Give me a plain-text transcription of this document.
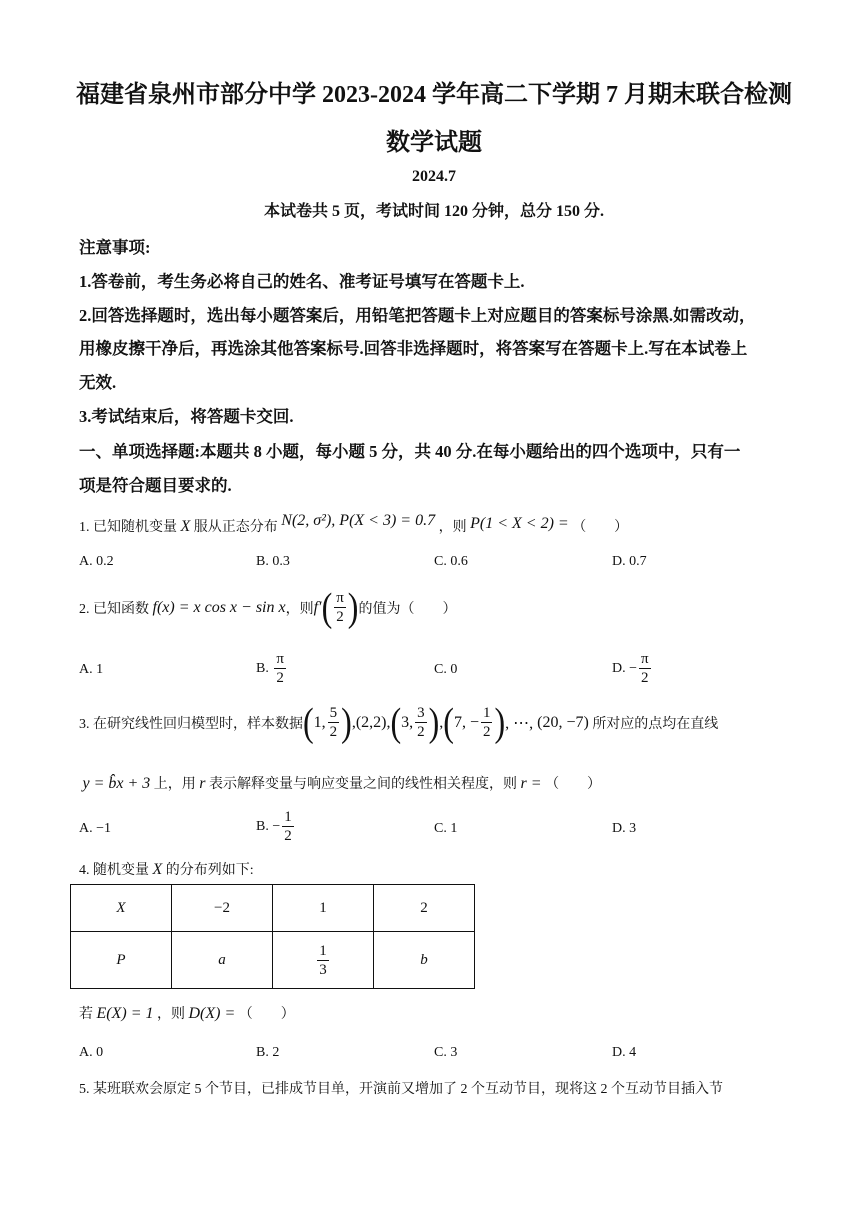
福建省泉州市部分中学 2023-2024 学年高二下学期 7 月期末联合检测
数学试题
2024.7
本试卷共 5 页，考试时间 120 分钟，总分 150 分.
注意事项:
1.答卷前，考生务必将自己的姓名、准考证号填写在答题卡上.
2.回答选择题时，选出每小题答案后，用铅笔把答题卡上对应题目的答案标号涂黑.如需改动，
用橡皮擦干净后，再选涂其他答案标号.回答非选择题时，将答案写在答题卡上.写在本试卷上
无效.
3.考试结束后，将答题卡交回.
一、单项选择题:本题共 8 小题，每小题 5 分，共 40 分.在每小题给出的四个选项中，只有一
项是符合题目要求的.
1. 已知随机变量 X 服从正态分布 N(2, σ²), P(X < 3) = 0.7 ，则 P(1 < X < 2) = （　　）
A. 0.2	B. 0.3	C. 0.6	D. 0.7
2. 已知函数
f(x) = x cos x − sin x ，则 f′ ( $\frac{\pi}{2}$ ) 的值为（　　）
A. 1	B.
$\frac{\pi}{2}$	C. 0	D. − $\frac{\pi}{2}$
3. 在研究线性回归模型时，样本数据 ( 1, $\frac{5}{2}$ ) ,(2,2), ( 3, $\frac{3}{2}$ ) , ( 7, − $\frac{1}{2}$ ) , ⋯, (20, −7)
所对应的点均在直线
y = b̂x + 3 上，用 r 表示解释变量与响应变量之间的线性相关程度，则 r = （　　）
A. −1	B. − $\frac{1}{2}$	C. 1	D. 3
4. 随机变量 X 的分布列如下:
X	−2	1	2
P	a	$\frac{1}{3}$	b
若 E(X) = 1 ，则 D(X) = （　　）
A. 0	B. 2	C. 3	D. 4
5. 某班联欢会原定 5 个节目，已排成节目单，开演前又增加了 2 个互动节目，现将这 2 个互动节目插入节
